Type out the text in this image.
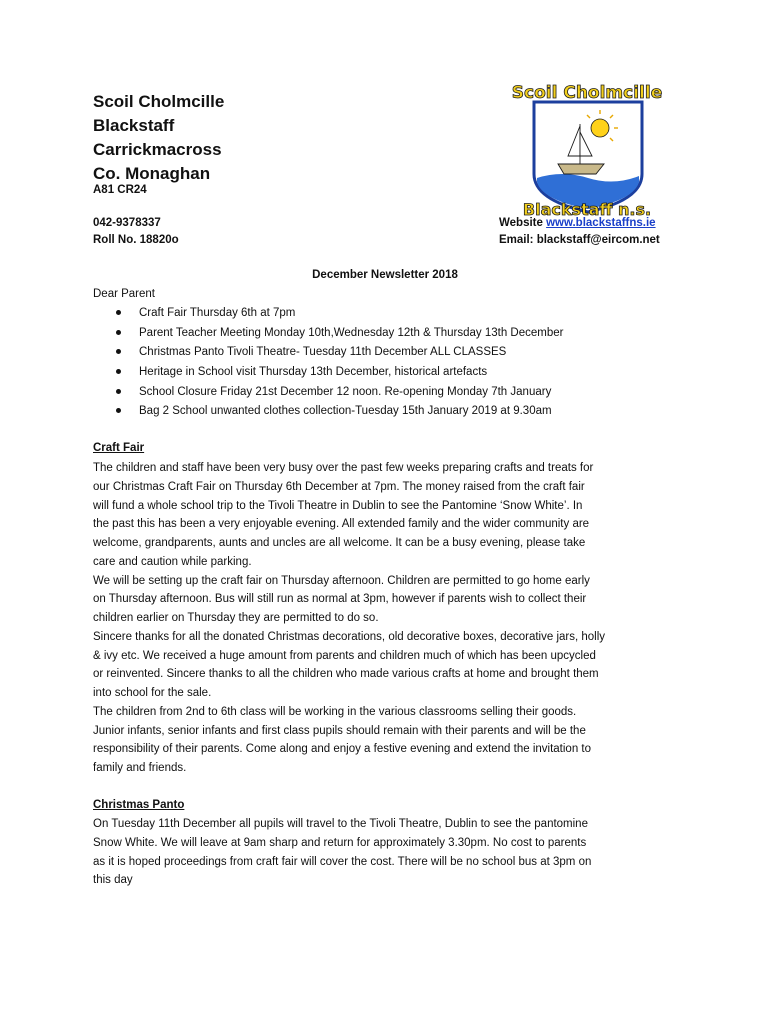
Scoil Cholmcille
Blackstaff
Carrickmacross
Co. Monaghan
A81 CR24
042-9378337
Roll No. 18820o
Website www.blackstaffns.ie
Email: blackstaff@eircom.net
Scoil Cholmcille
Blackstaff n.s.
December Newsletter 2018
Dear Parent
Craft Fair Thursday 6th at 7pm
Parent Teacher Meeting Monday 10th,Wednesday 12th & Thursday 13th December
Christmas Panto Tivoli Theatre- Tuesday 11th December ALL CLASSES
Heritage in School visit Thursday 13th December, historical artefacts
School Closure Friday 21st December 12 noon. Re-opening Monday 7th January
Bag 2 School unwanted clothes collection-Tuesday 15th January 2019 at 9.30am
Craft Fair
The children and staff have been very busy over the past few weeks preparing crafts and treats for
our Christmas Craft Fair on Thursday 6th December at 7pm. The money raised from the craft fair
will fund a whole school trip to the Tivoli Theatre in Dublin to see the Pantomine ‘Snow White’. In
the past this has been a very enjoyable evening. All extended family and the wider community are
welcome, grandparents, aunts and uncles are all welcome. It can be a busy evening, please take
care and caution while parking.
We will be setting up the craft fair on Thursday afternoon. Children are permitted to go home early
on Thursday afternoon. Bus will still run as normal at 3pm, however if parents wish to collect their
children earlier on Thursday they are permitted to do so.
Sincere thanks for all the donated Christmas decorations, old decorative boxes, decorative jars, holly
& ivy etc. We received a huge amount from parents and children much of which has been upcycled
or reinvented. Sincere thanks to all the children who made various crafts at home and brought them
into school for the sale.
The children from 2nd to 6th class will be working in the various classrooms selling their goods.
Junior infants, senior infants and first class pupils should remain with their parents and will be the
responsibility of their parents. Come along and enjoy a festive evening and extend the invitation to
family and friends.
Christmas Panto
On Tuesday 11th December all pupils will travel to the Tivoli Theatre, Dublin to see the pantomine
Snow White. We will leave at 9am sharp and return for approximately 3.30pm. No cost to parents
as it is hoped proceedings from craft fair will cover the cost. There will be no school bus at 3pm on
this day
